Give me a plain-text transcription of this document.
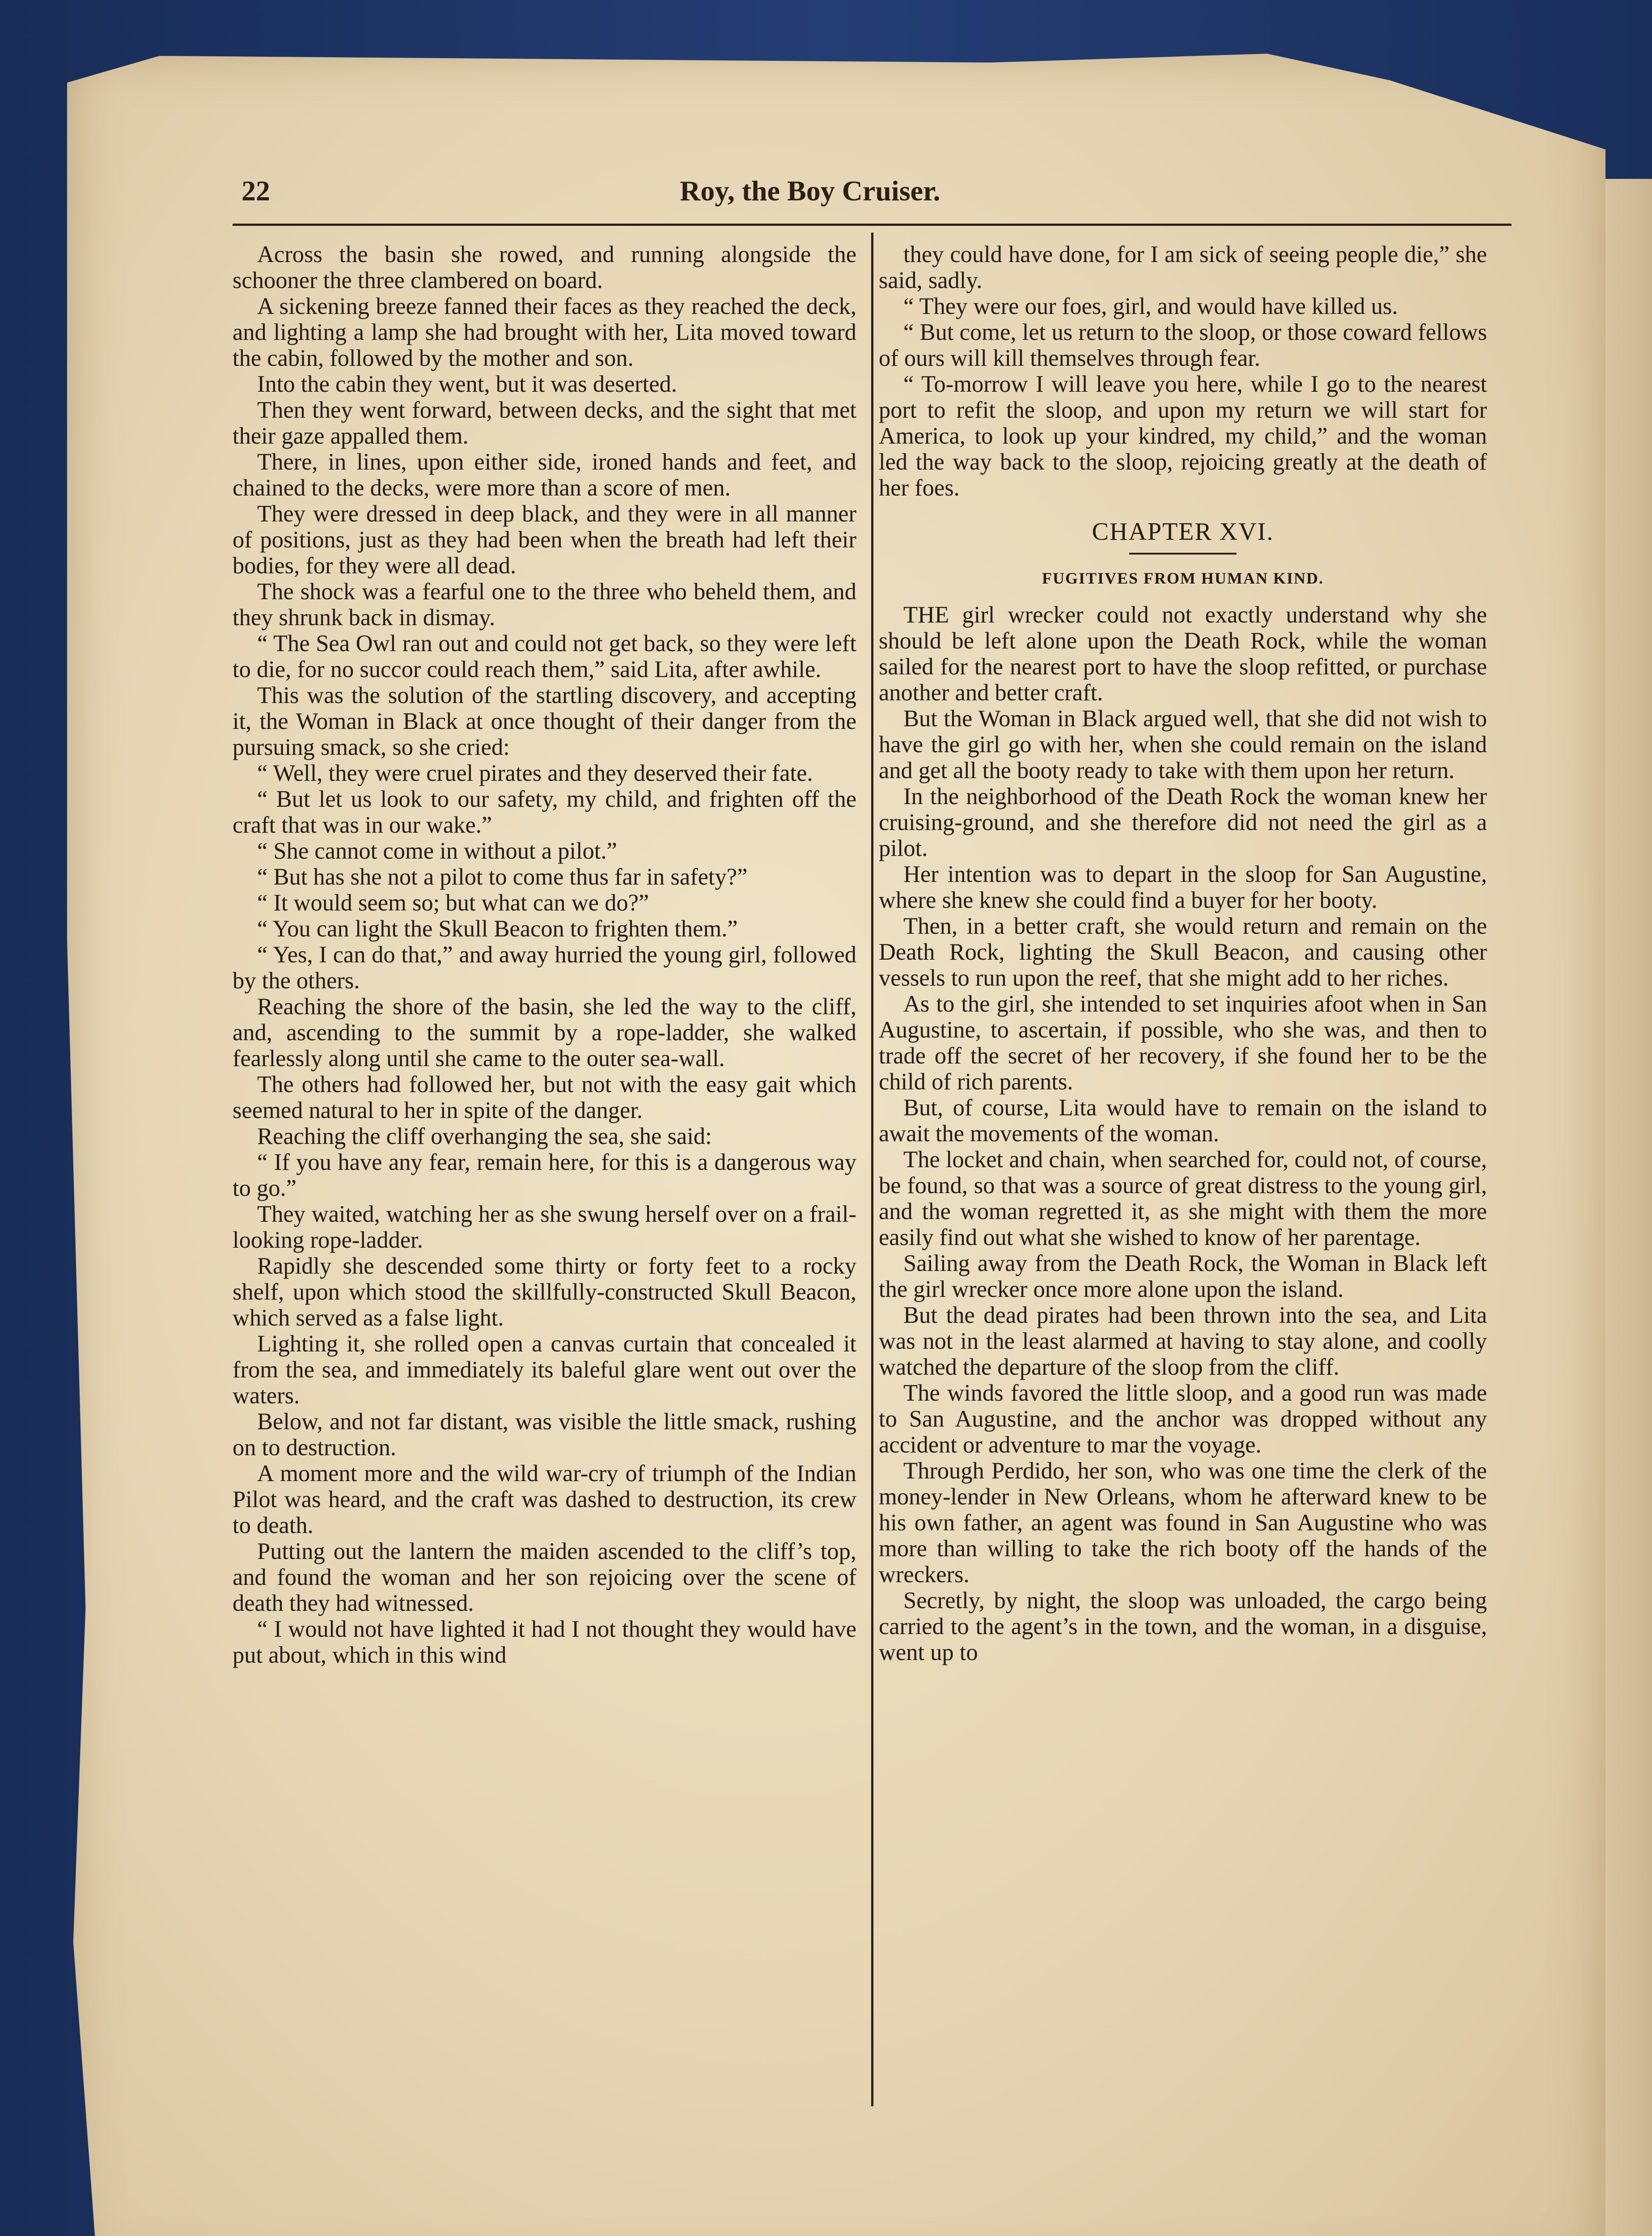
22	Roy, the Boy Cruiser.

Across the basin she rowed, and running alongside the schooner the three clambered on board.

A sickening breeze fanned their faces as they reached the deck, and lighting a lamp she had brought with her, Lita moved toward the cabin, followed by the mother and son.

Into the cabin they went, but it was deserted.

Then they went forward, between decks, and the sight that met their gaze appalled them.

There, in lines, upon either side, ironed hands and feet, and chained to the decks, were more than a score of men.

They were dressed in deep black, and they were in all manner of positions, just as they had been when the breath had left their bodies, for they were all dead.

The shock was a fearful one to the three who beheld them, and they shrunk back in dismay.

“ The Sea Owl ran out and could not get back, so they were left to die, for no succor could reach them,” said Lita, after awhile.

This was the solution of the startling discovery, and accepting it, the Woman in Black at once thought of their danger from the pursuing smack, so she cried:

“ Well, they were cruel pirates and they deserved their fate.

“ But let us look to our safety, my child, and frighten off the craft that was in our wake.”

“ She cannot come in without a pilot.”

“ But has she not a pilot to come thus far in safety?”

“ It would seem so; but what can we do?”

“ You can light the Skull Beacon to frighten them.”

“ Yes, I can do that,” and away hurried the young girl, followed by the others.

Reaching the shore of the basin, she led the way to the cliff, and, ascending to the summit by a rope-ladder, she walked fearlessly along until she came to the outer sea-wall.

The others had followed her, but not with the easy gait which seemed natural to her in spite of the danger.

Reaching the cliff overhanging the sea, she said:

“ If you have any fear, remain here, for this is a dangerous way to go.”

They waited, watching her as she swung herself over on a frail-looking rope-ladder.

Rapidly she descended some thirty or forty feet to a rocky shelf, upon which stood the skillfully-constructed Skull Beacon, which served as a false light.

Lighting it, she rolled open a canvas curtain that concealed it from the sea, and immediately its baleful glare went out over the waters.

Below, and not far distant, was visible the little smack, rushing on to destruction.

A moment more and the wild war-cry of triumph of the Indian Pilot was heard, and the craft was dashed to destruction, its crew to death.

Putting out the lantern the maiden ascended to the cliff’s top, and found the woman and her son rejoicing over the scene of death they had witnessed.

“ I would not have lighted it had I not thought they would have put about, which in this wind

they could have done, for I am sick of seeing people die,” she said, sadly.

“ They were our foes, girl, and would have killed us.

“ But come, let us return to the sloop, or those coward fellows of ours will kill themselves through fear.

“ To-morrow I will leave you here, while I go to the nearest port to refit the sloop, and upon my return we will start for America, to look up your kindred, my child,” and the woman led the way back to the sloop, rejoicing greatly at the death of her foes.

CHAPTER XVI.
FUGITIVES FROM HUMAN KIND.

THE girl wrecker could not exactly understand why she should be left alone upon the Death Rock, while the woman sailed for the nearest port to have the sloop refitted, or purchase another and better craft.

But the Woman in Black argued well, that she did not wish to have the girl go with her, when she could remain on the island and get all the booty ready to take with them upon her return.

In the neighborhood of the Death Rock the woman knew her cruising-ground, and she therefore did not need the girl as a pilot.

Her intention was to depart in the sloop for San Augustine, where she knew she could find a buyer for her booty.

Then, in a better craft, she would return and remain on the Death Rock, lighting the Skull Beacon, and causing other vessels to run upon the reef, that she might add to her riches.

As to the girl, she intended to set inquiries afoot when in San Augustine, to ascertain, if possible, who she was, and then to trade off the secret of her recovery, if she found her to be the child of rich parents.

But, of course, Lita would have to remain on the island to await the movements of the woman.

The locket and chain, when searched for, could not, of course, be found, so that was a source of great distress to the young girl, and the woman regretted it, as she might with them the more easily find out what she wished to know of her parentage.

Sailing away from the Death Rock, the Woman in Black left the girl wrecker once more alone upon the island.

But the dead pirates had been thrown into the sea, and Lita was not in the least alarmed at having to stay alone, and coolly watched the departure of the sloop from the cliff.

The winds favored the little sloop, and a good run was made to San Augustine, and the anchor was dropped without any accident or adventure to mar the voyage.

Through Perdido, her son, who was one time the clerk of the money-lender in New Orleans, whom he afterward knew to be his own father, an agent was found in San Augustine who was more than willing to take the rich booty off the hands of the wreckers.

Secretly, by night, the sloop was unloaded, the cargo being carried to the agent’s in the town, and the woman, in a disguise, went up to
